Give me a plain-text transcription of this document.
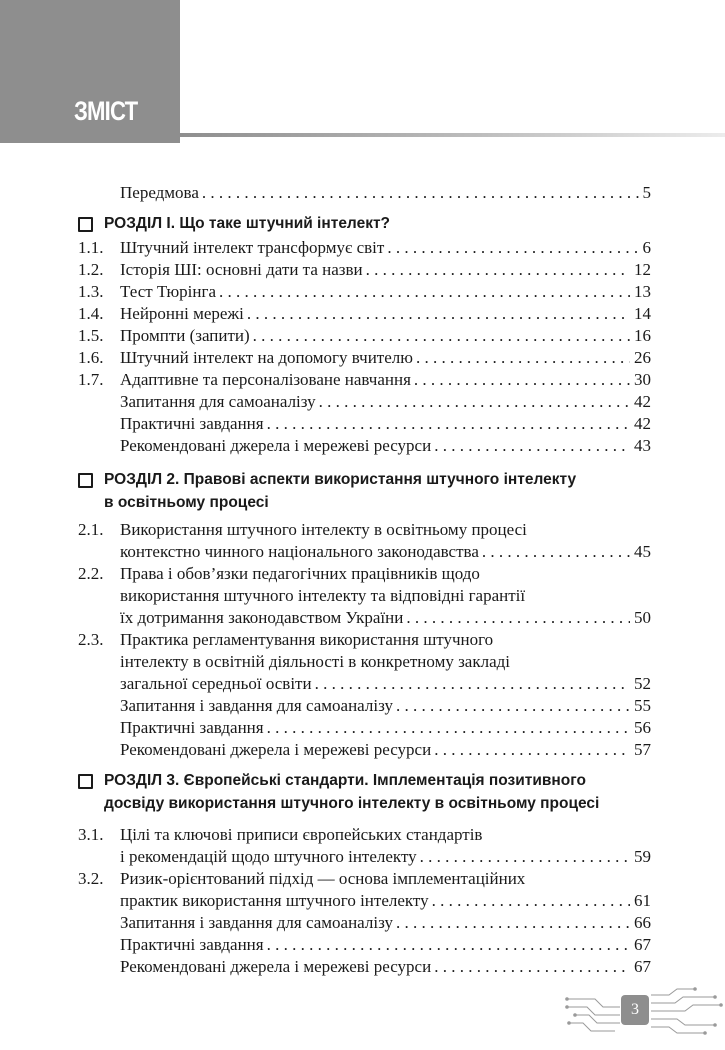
ЗМІСТ
Передмова . . .	5
РОЗДІЛ І. Що таке штучний інтелект?
1.1. Штучний інтелект трансформує світ . . .	6
1.2. Історія ШІ: основні дати та назви . . .	12
1.3. Тест Тюрінга . . .	13
1.4. Нейронні мережі . . .	14
1.5. Промпти (запити) . . .	16
1.6. Штучний інтелект на допомогу вчителю . . .	26
1.7. Адаптивне та персоналізоване навчання . . .	30
Запитання для самоаналізу . . .	42
Практичні завдання . . .	42
Рекомендовані джерела і мережеві ресурси . . .	43
РОЗДІЛ 2. Правові аспекти використання штучного інтелекту
в освітньому процесі
2.1. Використання штучного інтелекту в освітньому процесі
контекстно чинного національного законодавства . . .	45
2.2. Права і обов’язки педагогічних працівників щодо
використання штучного інтелекту та відповідні гарантії
їх дотримання законодавством України . . .	50
2.3. Практика регламентування використання штучного
інтелекту в освітній діяльності в конкретному закладі
загальної середньої освіти . . .	52
Запитання і завдання для самоаналізу . . .	55
Практичні завдання . . .	56
Рекомендовані джерела і мережеві ресурси . . .	57
РОЗДІЛ 3. Європейські стандарти. Імплементація позитивного
досвіду використання штучного інтелекту в освітньому процесі
3.1. Цілі та ключові приписи європейських стандартів
і рекомендацій щодо штучного інтелекту . . .	59
3.2. Ризик-орієнтований підхід — основа імплементаційних
практик використання штучного інтелекту . . .	61
Запитання і завдання для самоаналізу . . .	66
Практичні завдання . . .	67
Рекомендовані джерела і мережеві ресурси . . .	67
3
